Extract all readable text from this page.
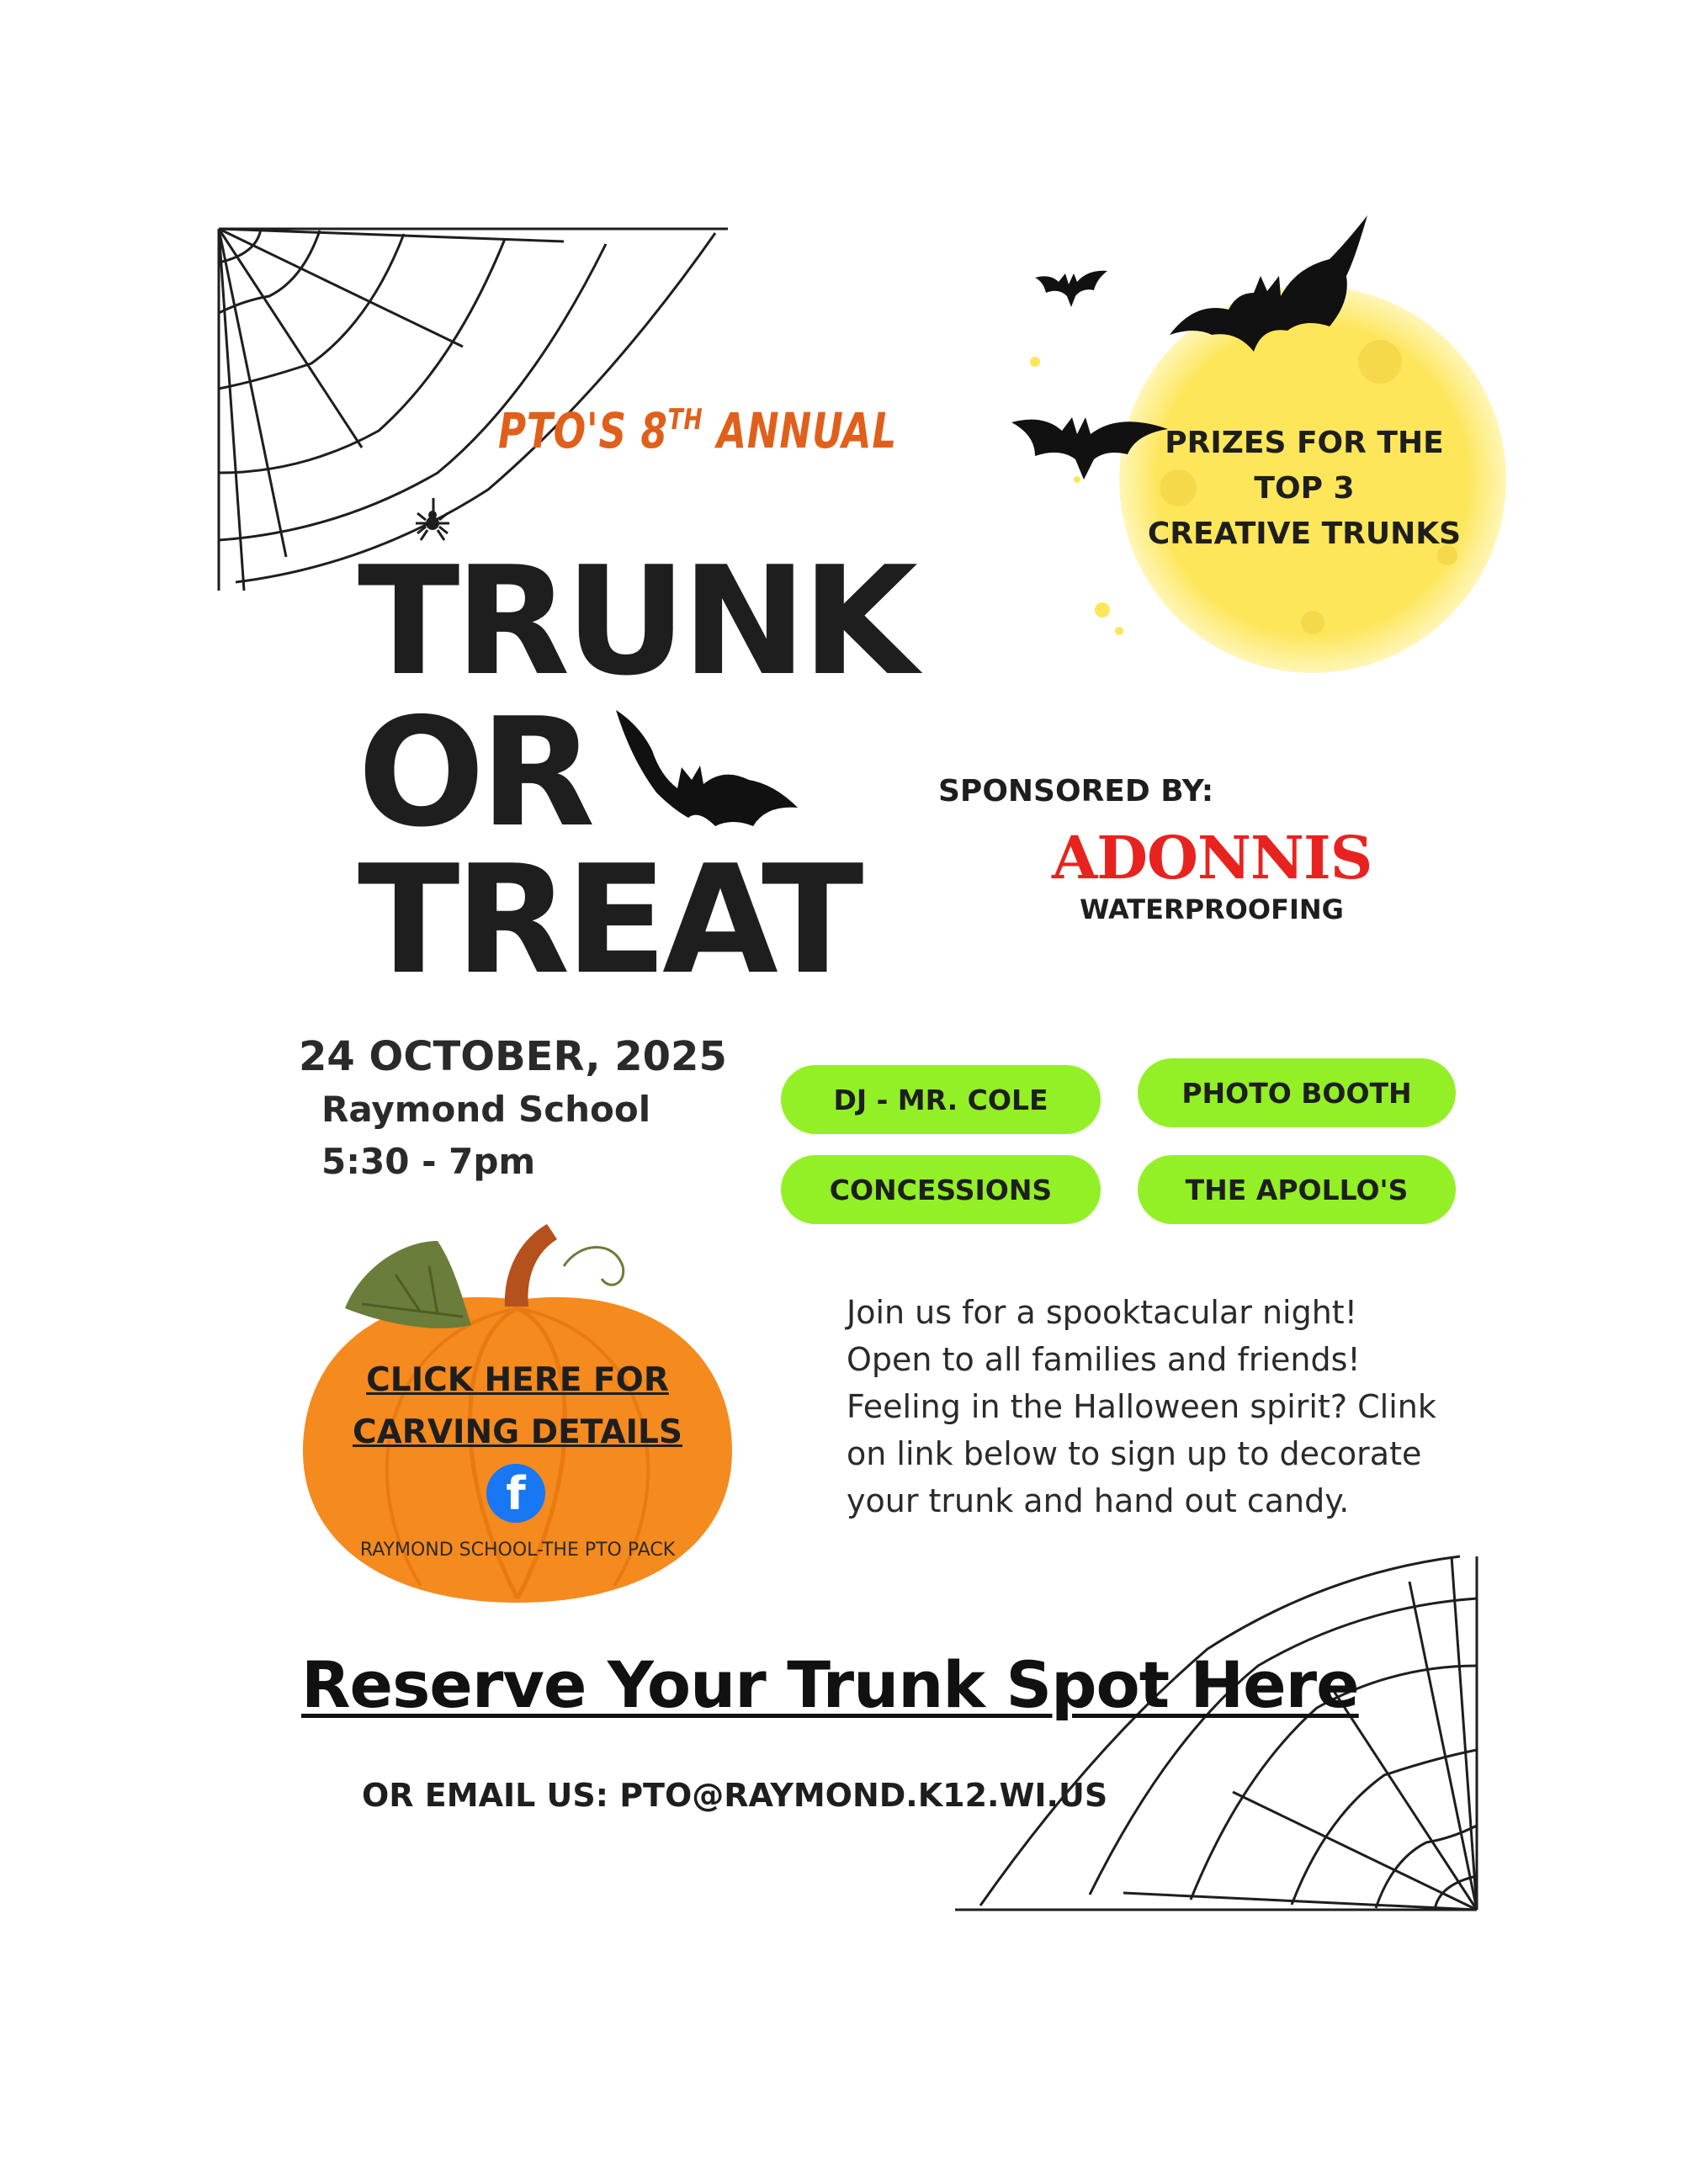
PTO'S 8TH ANNUAL
TRUNK
OR
TREAT
PRIZES FOR THE
TOP 3
CREATIVE TRUNKS
SPONSORED BY:
ADONNIS
WATERPROOFING
24 OCTOBER, 2025
Raymond School
5:30 - 7pm
DJ - MR. COLE	PHOTO BOOTH
CONCESSIONS	THE APOLLO'S
CLICK HERE FOR
CARVING DETAILS
f
RAYMOND SCHOOL-THE PTO PACK
Join us for a spooktacular night!
Open to all families and friends!
Feeling in the Halloween spirit? Clink
on link below to sign up to decorate
your trunk and hand out candy.
Reserve Your Trunk Spot Here
OR EMAIL US: PTO@RAYMOND.K12.WI.US
